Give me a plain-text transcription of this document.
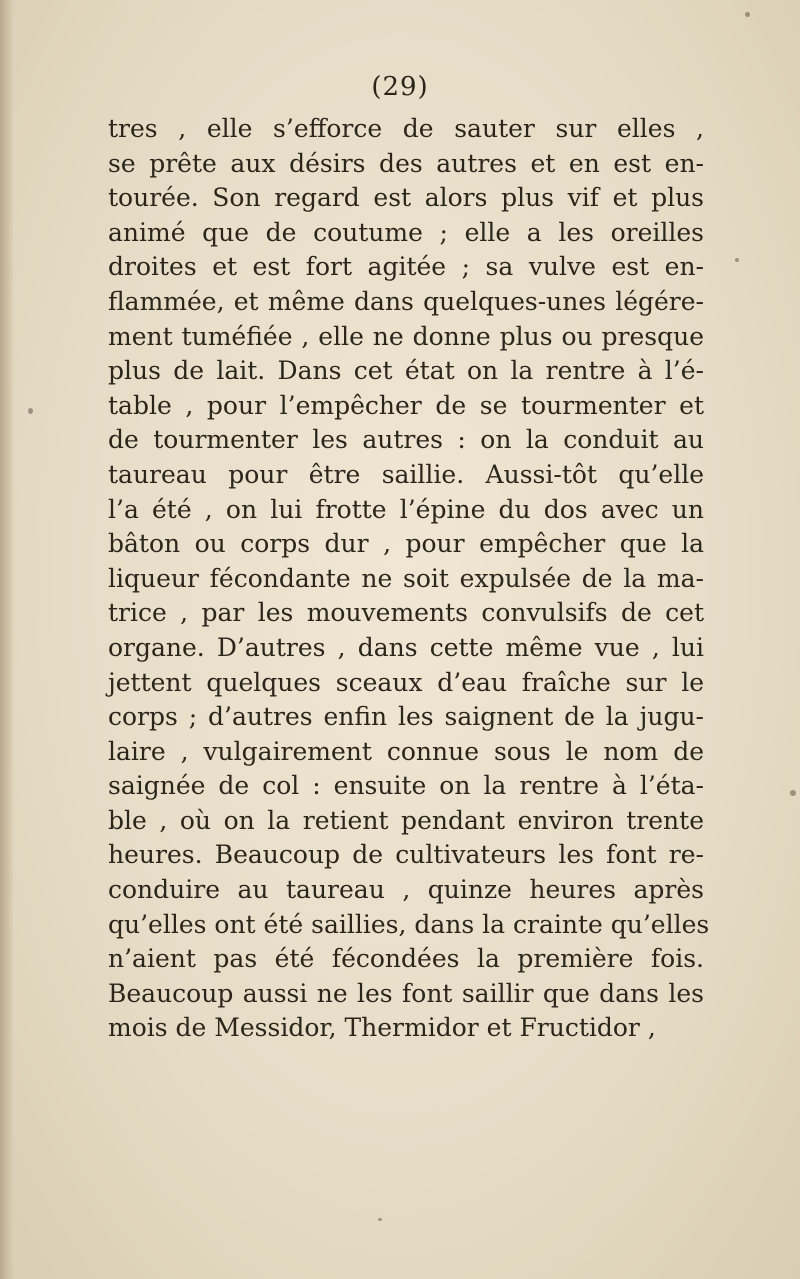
(29)
tres , elle s’efforce de sauter sur elles ,
se prête aux désirs des autres et en est en-
tourée. Son regard est alors plus vif et plus
animé que de coutume ; elle a les oreilles
droites et est fort agitée ; sa vulve est en-
flammée, et même dans quelques-unes légére-
ment tuméfiée , elle ne donne plus ou presque
plus de lait. Dans cet état on la rentre à l’é-
table , pour l’empêcher de se tourmenter et
de tourmenter les autres : on la conduit au
taureau pour être saillie. Aussi-tôt qu’elle
l’a été , on lui frotte l’épine du dos avec un
bâton ou corps dur , pour empêcher que la
liqueur fécondante ne soit expulsée de la ma-
trice , par les mouvements convulsifs de cet
organe. D’autres , dans cette même vue , lui
jettent quelques sceaux d’eau fraîche sur le
corps ; d’autres enfin les saignent de la jugu-
laire , vulgairement connue sous le nom de
saignée de col : ensuite on la rentre à l’éta-
ble , où on la retient pendant environ trente
heures. Beaucoup de cultivateurs les font re-
conduire au taureau , quinze heures après
qu’elles ont été saillies, dans la crainte qu’elles
n’aient pas été fécondées la première fois.
Beaucoup aussi ne les font saillir que dans les
mois de Messidor, Thermidor et Fructidor ,
